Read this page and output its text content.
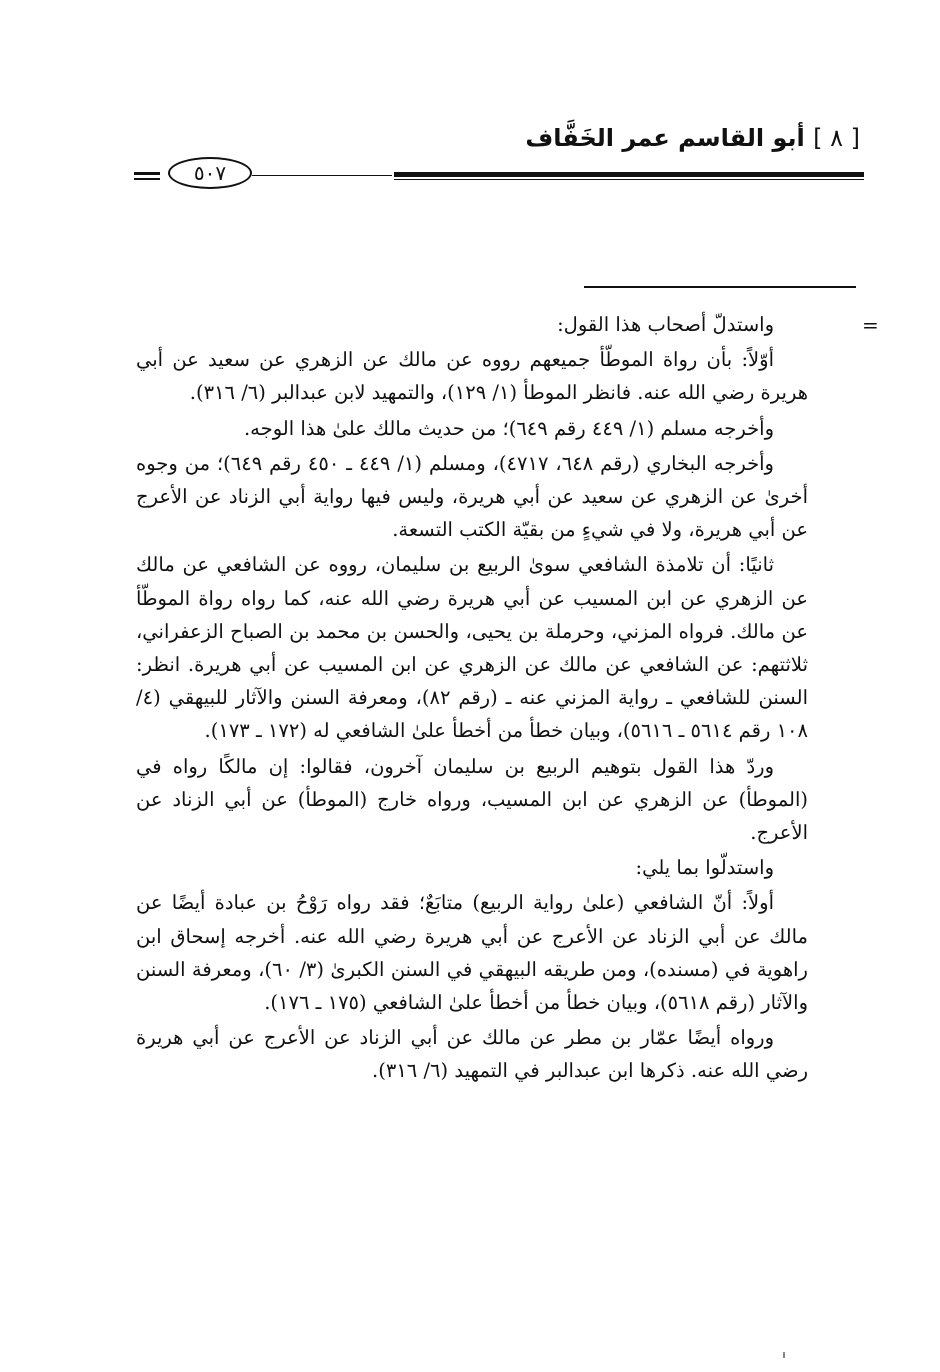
[ ٨ ] أبو القاسم عمر الخَفَّاف
٥٠٧
=

واستدلّ أصحاب هذا القول:

أوّلاً: بأن رواة الموطّأ جميعهم رووه عن مالك عن الزهري عن سعيد عن أبي هريرة رضي الله عنه. فانظر الموطأ (١/ ١٢٩)، والتمهيد لابن عبدالبر (٦/ ٣١٦).

وأخرجه مسلم (١/ ٤٤٩ رقم ٦٤٩)؛ من حديث مالك علىٰ هذا الوجه.

وأخرجه البخاري (رقم ٦٤٨، ٤٧١٧)، ومسلم (١/ ٤٤٩ ـ ٤٥٠ رقم ٦٤٩)؛ من وجوه أخرىٰ عن الزهري عن سعيد عن أبي هريرة، وليس فيها رواية أبي الزناد عن الأعرج عن أبي هريرة، ولا في شيءٍ من بقيّة الكتب التسعة.

ثانيًا: أن تلامذة الشافعي سوىٰ الربيع بن سليمان، رووه عن الشافعي عن مالك عن الزهري عن ابن المسيب عن أبي هريرة رضي الله عنه، كما رواه رواة الموطّأ عن مالك. فرواه المزني، وحرملة بن يحيى، والحسن بن محمد بن الصباح الزعفراني، ثلاثتهم: عن الشافعي عن مالك عن الزهري عن ابن المسيب عن أبي هريرة. انظر: السنن للشافعي ـ رواية المزني عنه ـ (رقم ٨٢)، ومعرفة السنن والآثار للبيهقي (٤/ ١٠٨ رقم ٥٦١٤ ـ ٥٦١٦)، وبيان خطأ من أخطأ علىٰ الشافعي له (١٧٢ ـ ١٧٣).

وردّ هذا القول بتوهيم الربيع بن سليمان آخرون، فقالوا: إن مالكًا رواه في (الموطأ) عن الزهري عن ابن المسيب، ورواه خارج (الموطأ) عن أبي الزناد عن الأعرج.

واستدلّوا بما يلي:

أولاً: أنّ الشافعي (علىٰ رواية الربيع) متابَعٌ؛ فقد رواه رَوْحُ بن عبادة أيضًا عن مالك عن أبي الزناد عن الأعرج عن أبي هريرة رضي الله عنه. أخرجه إسحاق ابن راهوية في (مسنده)، ومن طريقه البيهقي في السنن الكبرىٰ (٣/ ٦٠)، ومعرفة السنن والآثار (رقم ٥٦١٨)، وبيان خطأ من أخطأ علىٰ الشافعي (١٧٥ ـ ١٧٦).

ورواه أيضًا عمّار بن مطر عن مالك عن أبي الزناد عن الأعرج عن أبي هريرة رضي الله عنه. ذكرها ابن عبدالبر في التمهيد (٦/ ٣١٦).
